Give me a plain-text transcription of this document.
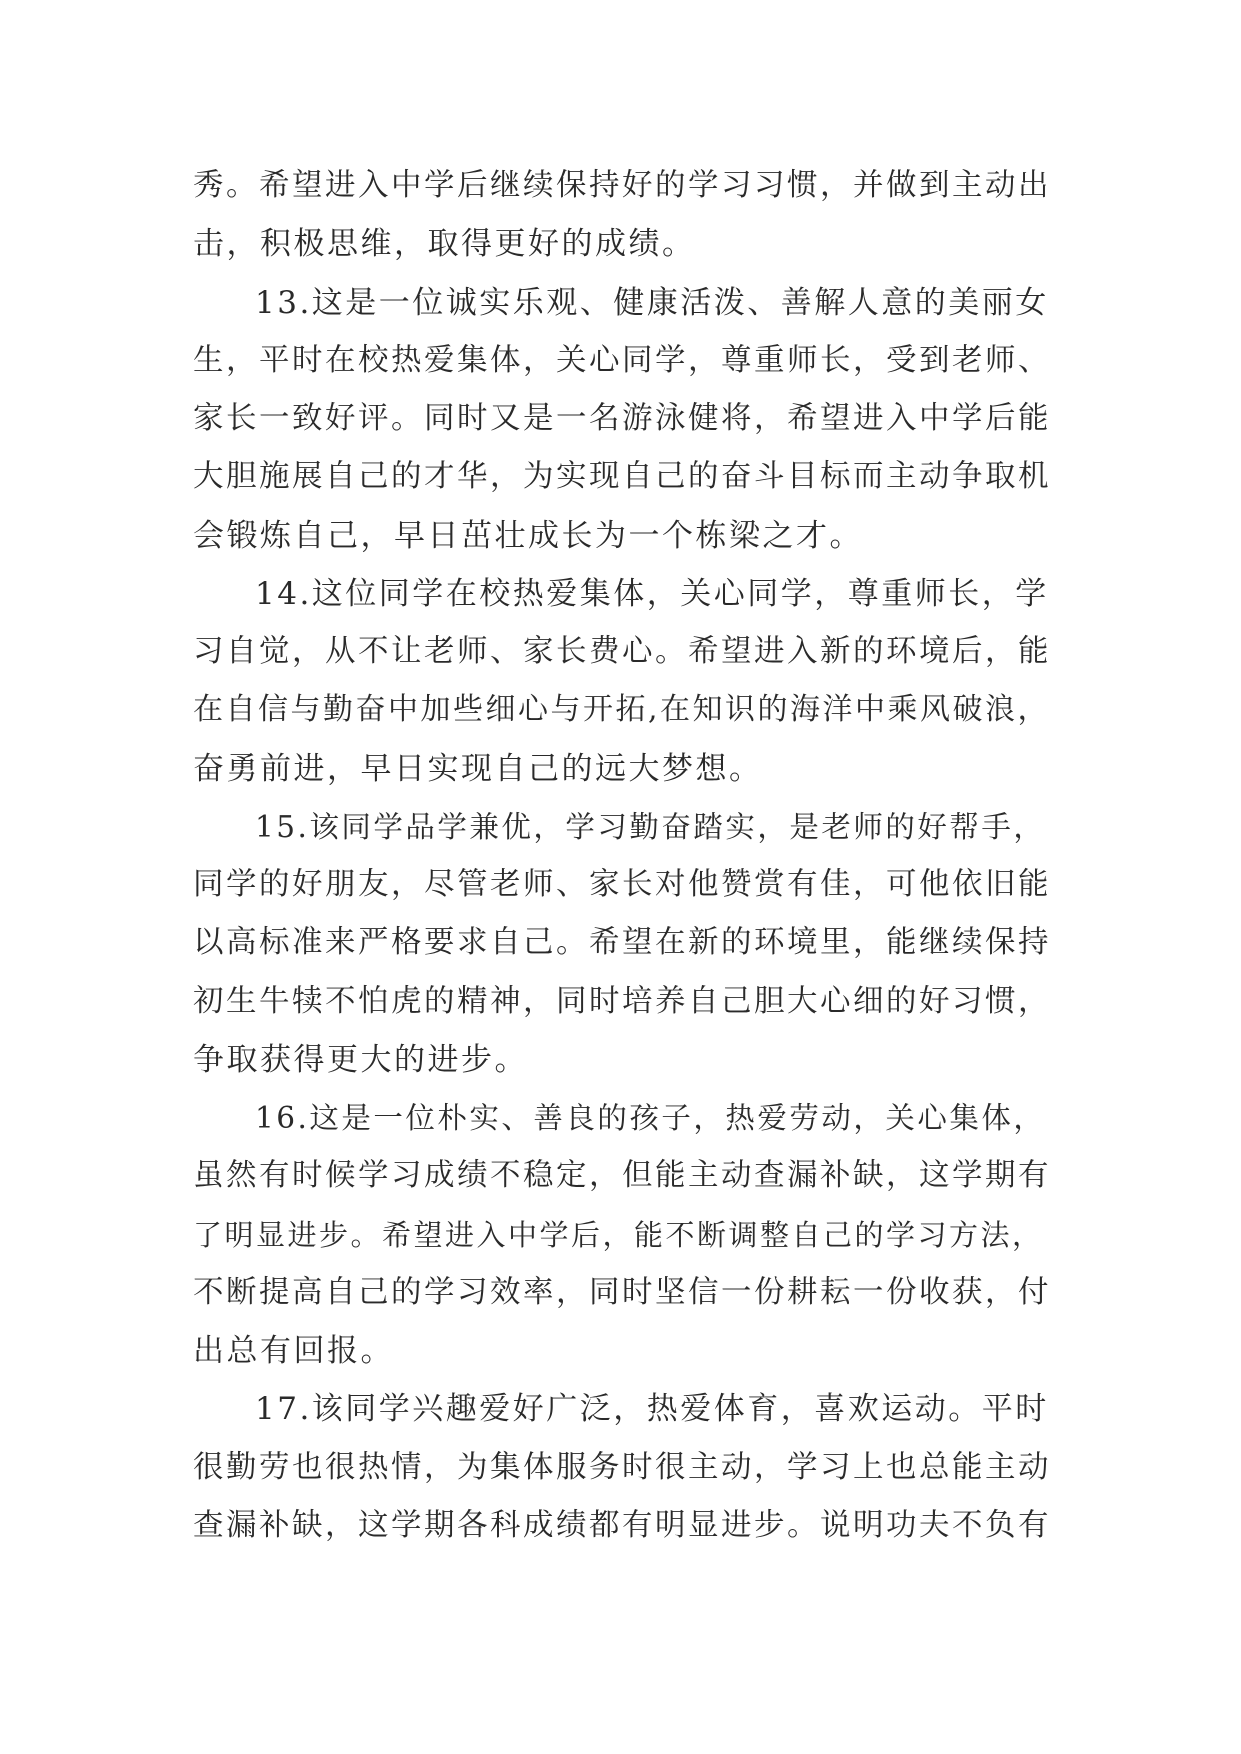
秀。希望进入中学后继续保持好的学习习惯，并做到主动出
击，积极思维，取得更好的成绩。
13.这是一位诚实乐观、健康活泼、善解人意的美丽女
生，平时在校热爱集体，关心同学，尊重师长，受到老师、
家长一致好评。同时又是一名游泳健将，希望进入中学后能
大胆施展自己的才华，为实现自己的奋斗目标而主动争取机
会锻炼自己，早日茁壮成长为一个栋梁之才。
14.这位同学在校热爱集体，关心同学，尊重师长，学
习自觉，从不让老师、家长费心。希望进入新的环境后，能
在自信与勤奋中加些细心与开拓,在知识的海洋中乘风破浪，
奋勇前进，早日实现自己的远大梦想。
15.该同学品学兼优，学习勤奋踏实，是老师的好帮手，
同学的好朋友，尽管老师、家长对他赞赏有佳，可他依旧能
以高标准来严格要求自己。希望在新的环境里，能继续保持
初生牛犊不怕虎的精神，同时培养自己胆大心细的好习惯，
争取获得更大的进步。
16.这是一位朴实、善良的孩子，热爱劳动，关心集体，
虽然有时候学习成绩不稳定，但能主动查漏补缺，这学期有
了明显进步。希望进入中学后，能不断调整自己的学习方法，
不断提高自己的学习效率，同时坚信一份耕耘一份收获，付
出总有回报。
17.该同学兴趣爱好广泛，热爱体育，喜欢运动。平时
很勤劳也很热情，为集体服务时很主动，学习上也总能主动
查漏补缺，这学期各科成绩都有明显进步。说明功夫不负有
